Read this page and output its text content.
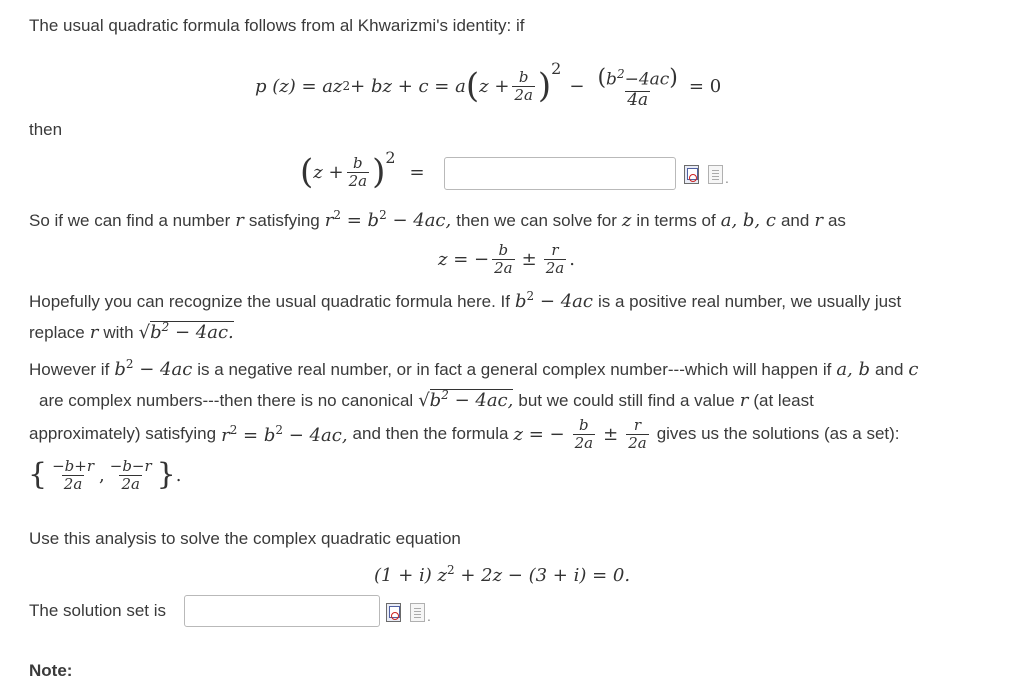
The usual quadratic formula follows from al Khwarizmi's identity: if
p (z) = az 2 + bz + c = a ( $z + \frac{b}{2a}$ ) 2
− $\frac{(b^2-4ac)}{4a} = 0$
then
( $z + \frac{b}{2a}$ ) 2
=	.
So if we can find a number r satisfying $r^2 = b^2 - 4ac$, then we can solve for z in terms of a, b, c and r as
z = − $\frac{b}{2a} \pm \frac{r}{2a}$ .
Hopefully you can recognize the usual quadratic formula here. If $b^2 - 4ac$ is a positive real number, we usually just
replace r with $√b^2 - 4ac$.
However if $b^2 - 4ac$ is a negative real number, or in fact a general complex number---which will happen if a, b and c
are complex numbers---then there is no canonical $√b^2 - 4ac$, but we could still find a value r (at least
approximately) satisfying $r^2 = b^2 - 4ac$, and then the formula z = − $\frac{b}{2a} \pm \frac{r}{2a}$ gives us the solutions (as a set):
{ $\frac{-b+r}{2a}$ , $\frac{-b-r}{2a}$ } .
Use this analysis to solve the complex quadratic equation
(1 + i) $z^2 + 2z - (3 + i) = 0$.
The solution set is	.
Note:
